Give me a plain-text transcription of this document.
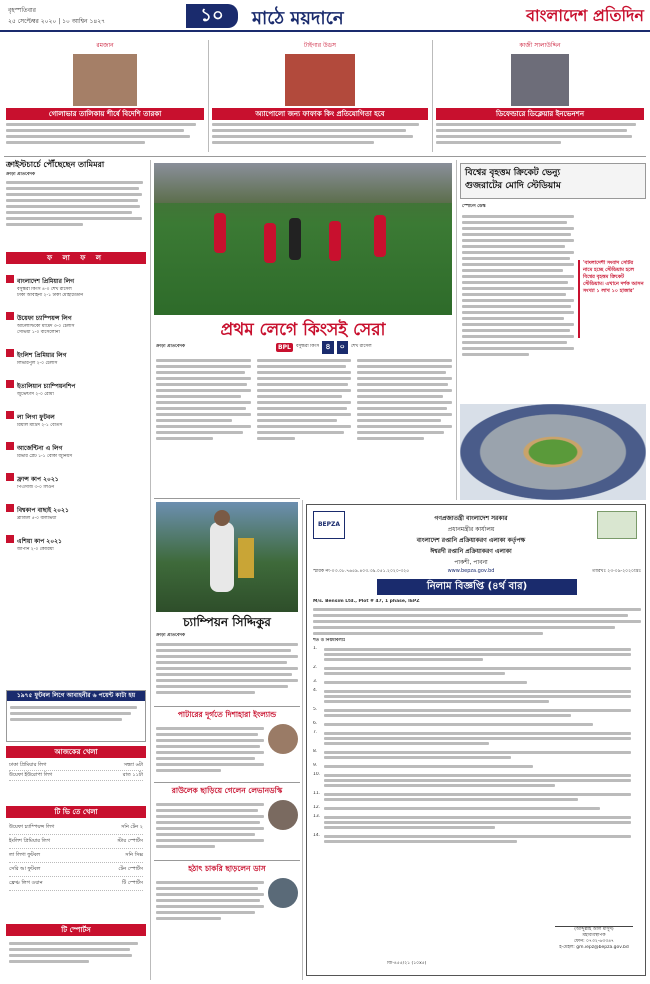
বৃহস্পতিবার
২৫ সেপ্টেম্বর ২০২০ | ১০ আশ্বিন ১৪২৭	১০	মাঠে ময়দানে	বাংলাদেশ প্রতিদিন
রমজান
গোলাভার তালিকায় শীর্ষে বিদেশি তারকা
টাইগার উডস
অ্যাপোলো জন্য ফাফাক কিং প্রতিযোগিতা হবে
কাজী সালাউদ্দিন
ডিফেন্ডারে ডিক্লেয়ার ইনভেনশন
ক্রাইস্টচার্চে পৌঁছেছেন তামিমরা
ক্রীড়া প্রতিবেদক
ফ লা ফ ল
বাংলাদেশ প্রিমিয়ার লিগ
বসুন্ধরা কিংস ৪-০ শেখ রাসেল
ঢাকা আবাহনী ২-১ ঢাকা মোহামেডান
উয়েফা চ্যাম্পিয়ন্স লিগ
আটলান্টিকো মাদ্রিদ ৩-০ চেলসি
সেভিয়া ১-০ বার্সেলোনা
ইংলিশ প্রিমিয়ার লিগ
লিভারপুল ২-০ চেলসি
ইতালিয়ান চ্যাম্পিয়নশিপ
জুভেন্টাস ২-০ রোমা
লা লিগা ফুটবল
রিয়াল মাদ্রিদ ২-১ বেতিস
আর্জেন্টিনা এ লিগ
রিভার প্লেট ১-১ বোকা জুনিয়র্স
ফ্রান্স কাপ ২০২১
পিএসজি ৩-০ লিওন
বিশ্বকাপ বাছাই ২০২১
ব্রাজিল ৫-০ বলিভিয়া
এশিয়া কাপ ২০২১
জাপান ২-০ কোরিয়া
১৯৭৫ ফুটবল লিগে আবাহনীর ৬ পয়েন্ট কাটা হয়
আজকের খেলা
ঢাকা প্রিমিয়ার লিগ	সন্ধ্যা ৬টা
উয়েফা ইউরোপা লিগ	রাত ১১টা
টি ভি তে খেলা
উয়েফা চ্যাম্পিয়ন্স লিগ	সনি টেন ২
ইংলিশ প্রিমিয়ার লিগ	স্টার স্পোর্টস
লা লিগা ফুটবল	সনি সিক্স
সেরি আ ফুটবল	টেন স্পোর্টস
ফ্রেঞ্চ লিগ ওয়ান	টি স্পোর্টস
টি স্পোর্টস
প্রথম লেগে কিংসই সেরা
ক্রীড়া প্রতিবেদক	BPL	বসুন্ধরা কিংস ৪	০	শেখ রাসেল
বিশ্বের বৃহত্তম ক্রিকেট ভেন্যু
গুজরাটের মোদি স্টেডিয়াম
স্পোর্টস ডেস্ক
'বাংলাদেশী সংবাদ সেটির নামে হচ্ছে স্টেডিয়াম হলে বিশ্বের বৃহত্তম ক্রিকেট স্টেডিয়াম। এখানে দর্শক আসন সংখ্যা ১ লাখ ১০ হাজার'
চ্যাম্পিয়ন সিদ্দিকুর
ক্রীড়া প্রতিবেদক
পাটারের দূর্গতে দিশাহারা ইংল্যান্ড
রাউলেক ছাড়িয়ে গেলেন লেভানডস্কি
হঠাৎ চাকরি ছাড়লেন ডাস
BEPZA
গণপ্রজাতন্ত্রী বাংলাদেশ সরকার
প্রধানমন্ত্রীর কার্যালয়
বাংলাদেশ রপ্তানি প্রক্রিয়াকরণ এলাকা কর্তৃপক্ষ
ঈশ্বরদী রপ্তানি প্রক্রিয়াকরণ এলাকা
পাকশী, পাবনা
www.bepza.gov.bd
স্মারক নং-০৩.০৮.৭৬৫৯.৪০৩.৩৯.০৫১.২০২০-৩২৫	তারিখঃ ২৩-০৯-২০২০খ্রিঃ
নিলাম বিজ্ঞপ্তি (৪র্থ বার)
M/s. Bensim Ltd., Plot # 47, 1 phase, IEPZ
শর্ত ও নিয়মাবলীঃ
1.
2.
3.
4.
5.
6.
7.
8.
9.
10.
11.
12.
13.
14.
(আব্দুল্লাহ আল মাসুদ)
মহাব্যবস্থাপক
ফোন: ০৭৩২-৬৩৩৪৭
ই-মেইল: gm.iepz@bepza.gov.bd
জি-৪৫৫/২১ (১০x৫)
